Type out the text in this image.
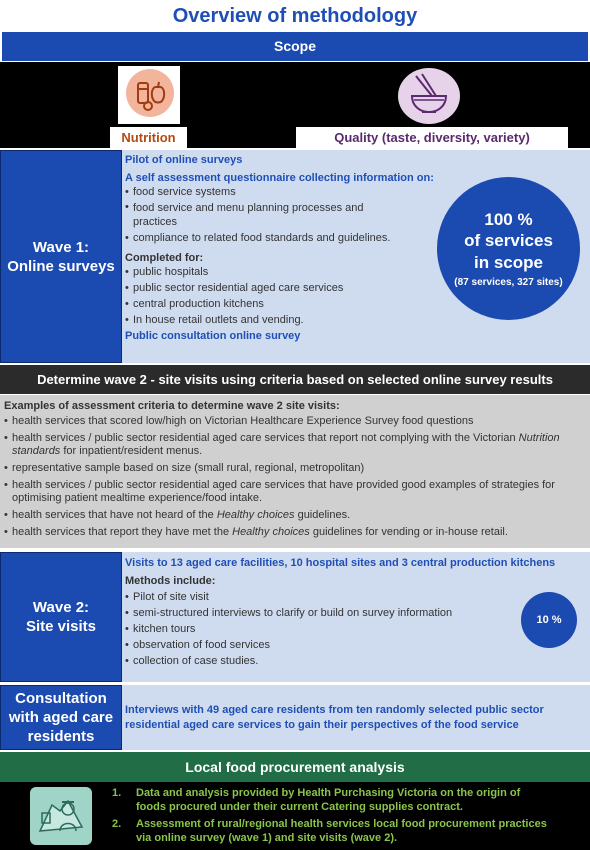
Overview of methodology
Scope
Nutrition	Quality (taste, diversity, variety)
Wave 1:
Online surveys
Pilot of online surveys
A self assessment questionnaire collecting information on:
• food service systems
• food service and menu planning processes and practices
• compliance to related food standards and guidelines.
Completed for:
• public hospitals
• public sector residential aged care services
• central production kitchens
• In house retail outlets and vending.
Public consultation online survey
100 %
of services
in scope
(87 services, 327 sites)
Determine wave 2 - site visits using criteria based on selected online survey results
Examples of assessment criteria to determine wave 2 site visits:
• health services that scored low/high on Victorian Healthcare Experience Survey food questions
• health services / public sector residential aged care services that report not complying with the Victorian Nutrition standards for inpatient/resident menus.
• representative sample based on size (small rural, regional, metropolitan)
• health services / public sector residential aged care services that have provided good examples of strategies for optimising patient mealtime experience/food intake.
• health services that have not heard of the Healthy choices guidelines.
• health services that report they have met the Healthy choices guidelines for vending or in-house retail.
Wave 2:
Site visits
Visits to 13 aged care facilities, 10 hospital sites and 3 central production kitchens
Methods include:
• Pilot of site visit
• semi-structured interviews to clarify or build on survey information
• kitchen tours
• observation of food services
• collection of case studies.
10 %
Consultation
with aged care
residents
Interviews with 49 aged care residents from ten randomly selected public sector residential aged care services to gain their perspectives of the food service
Local food procurement analysis
1. Data and analysis provided by Health Purchasing Victoria on the origin of foods procured under their current Catering supplies contract.
2. Assessment of rural/regional health services local food procurement practices via online survey (wave 1) and site visits (wave 2).
